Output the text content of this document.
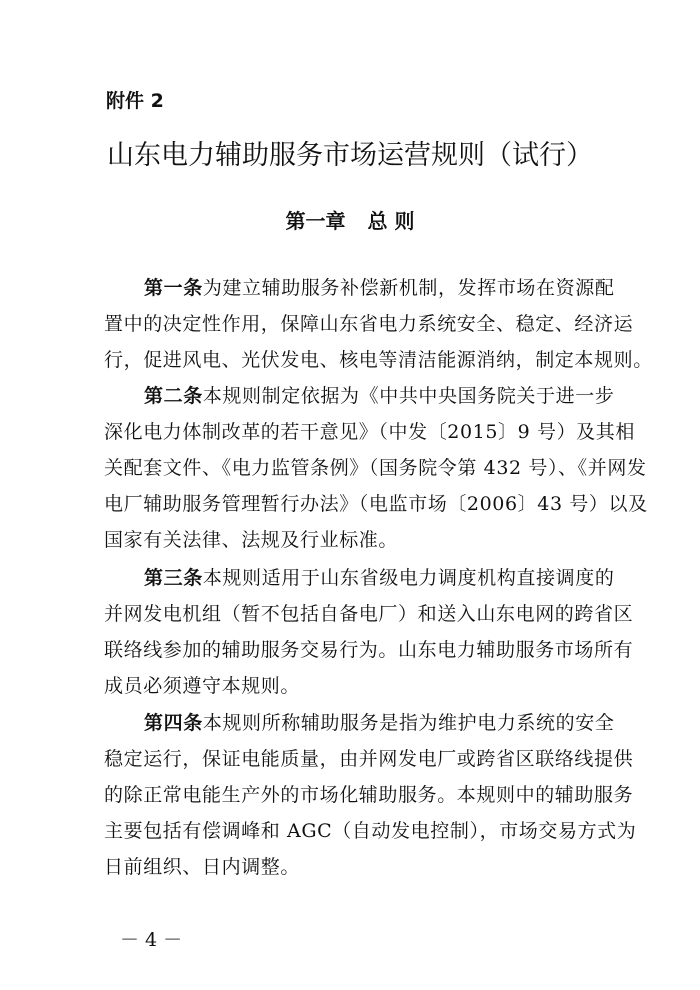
附件 2
山东电力辅助服务市场运营规则（试行）
第一章 总 则
第一条为建立辅助服务补偿新机制，发挥市场在资源配
置中的决定性作用，保障山东省电力系统安全、稳定、经济运
行，促进风电、光伏发电、核电等清洁能源消纳，制定本规则。
第二条本规则制定依据为《中共中央国务院关于进一步
深化电力体制改革的若干意见》（中发〔2015〕9 号）及其相
关配套文件、《电力监管条例》（国务院令第 432 号）、《并网发
电厂辅助服务管理暂行办法》（电监市场〔2006〕43 号）以及
国家有关法律、法规及行业标准。
第三条本规则适用于山东省级电力调度机构直接调度的
并网发电机组（暂不包括自备电厂）和送入山东电网的跨省区
联络线参加的辅助服务交易行为。山东电力辅助服务市场所有
成员必须遵守本规则。
第四条本规则所称辅助服务是指为维护电力系统的安全
稳定运行，保证电能质量，由并网发电厂或跨省区联络线提供
的除正常电能生产外的市场化辅助服务。本规则中的辅助服务
主要包括有偿调峰和 AGC（自动发电控制），市场交易方式为
日前组织、日内调整。
－ 4 －
